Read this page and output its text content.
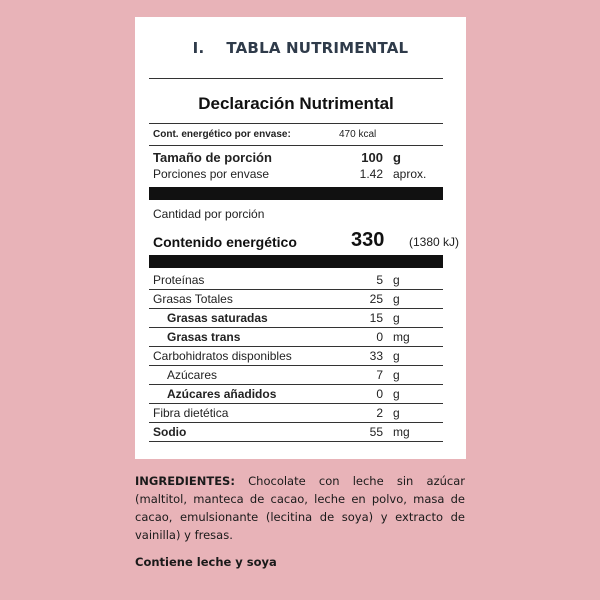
I. TABLA NUTRIMENTAL
Declaración Nutrimental
Cont. energético por envase:	470 kcal
Tamaño de porción	100 g
Porciones por envase	1.42 aprox.
Cantidad por porción
Contenido energético	330 (1380 kJ)
Proteínas	5 g
Grasas Totales	25 g
Grasas saturadas	15 g
Grasas trans	0 mg
Carbohidratos disponibles	33 g
Azúcares	7 g
Azúcares añadidos	0 g
Fibra dietética	2 g
Sodio	55 mg
INGREDIENTES: Chocolate con leche sin azúcar (maltitol, manteca de cacao, leche en polvo, masa de cacao, emulsionante (lecitina de soya) y extracto de vainilla) y fresas.
Contiene leche y soya
